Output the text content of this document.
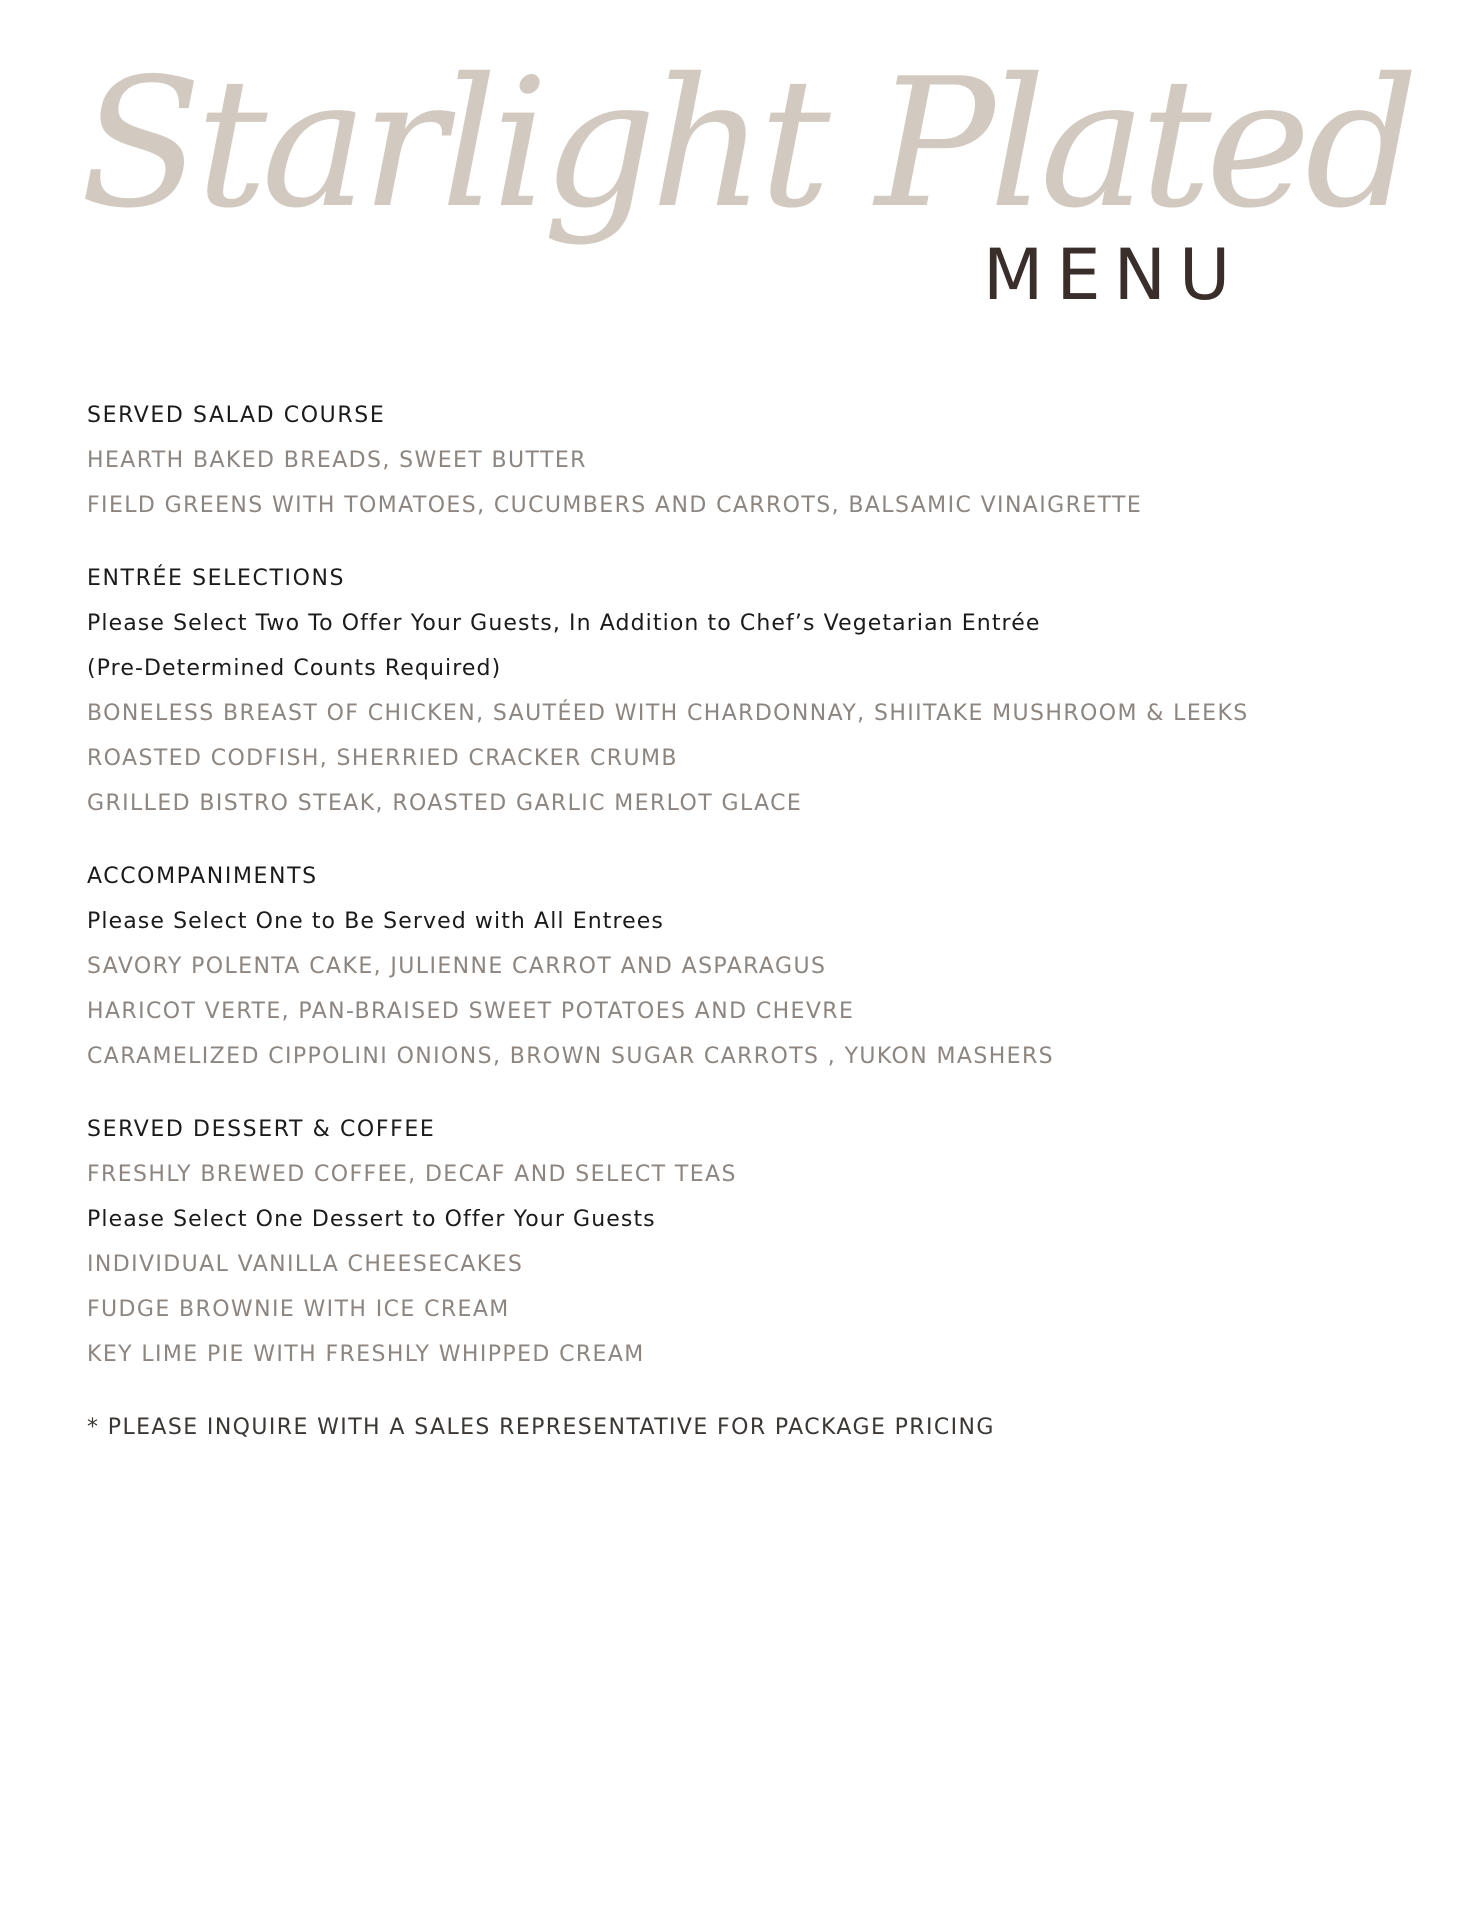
Starlight Plated
MENU
SERVED SALAD COURSE
HEARTH BAKED BREADS, SWEET BUTTER
FIELD GREENS WITH TOMATOES, CUCUMBERS AND CARROTS, BALSAMIC VINAIGRETTE
ENTRÉE SELECTIONS
Please Select Two To Offer Your Guests, In Addition to Chef’s Vegetarian Entrée
(Pre-Determined Counts Required)
BONELESS BREAST OF CHICKEN, SAUTÉED WITH CHARDONNAY, SHIITAKE MUSHROOM & LEEKS
ROASTED CODFISH, SHERRIED CRACKER CRUMB
GRILLED BISTRO STEAK, ROASTED GARLIC MERLOT GLACE
ACCOMPANIMENTS
Please Select One to Be Served with All Entrees
SAVORY POLENTA CAKE, JULIENNE CARROT AND ASPARAGUS
HARICOT VERTE, PAN-BRAISED SWEET POTATOES AND CHEVRE
CARAMELIZED CIPPOLINI ONIONS, BROWN SUGAR CARROTS , YUKON MASHERS
SERVED DESSERT & COFFEE
FRESHLY BREWED COFFEE, DECAF AND SELECT TEAS
Please Select One Dessert to Offer Your Guests
INDIVIDUAL VANILLA CHEESECAKES
FUDGE BROWNIE WITH ICE CREAM
KEY LIME PIE WITH FRESHLY WHIPPED CREAM
* PLEASE INQUIRE WITH A SALES REPRESENTATIVE FOR PACKAGE PRICING
